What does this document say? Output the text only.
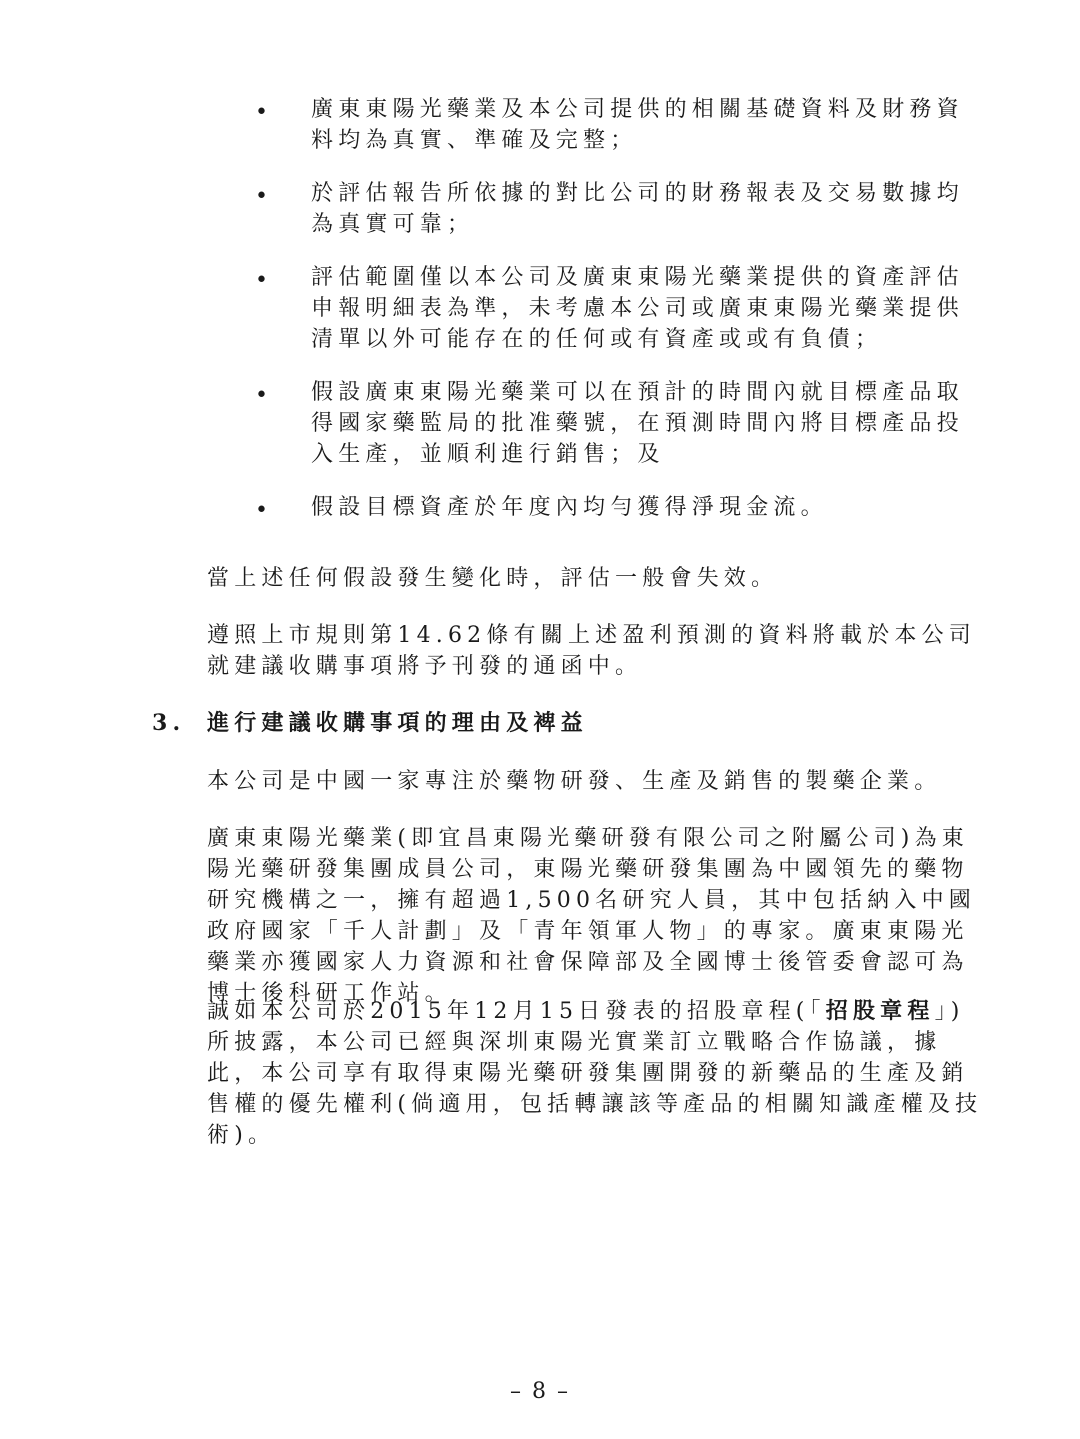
• 廣東東陽光藥業及本公司提供的相關基礎資料及財務資料均為真實、準確及完整；
• 於評估報告所依據的對比公司的財務報表及交易數據均為真實可靠；
• 評估範圍僅以本公司及廣東東陽光藥業提供的資產評估申報明細表為準，未考慮本公司或廣東東陽光藥業提供清單以外可能存在的任何或有資產或或有負債；
• 假設廣東東陽光藥業可以在預計的時間內就目標產品取得國家藥監局的批准藥號，在預測時間內將目標產品投入生產，並順利進行銷售；及
• 假設目標資產於年度內均勻獲得淨現金流。
當上述任何假設發生變化時，評估一般會失效。
遵照上市規則第14.62條有關上述盈利預測的資料將載於本公司就建議收購事項將予刊發的通函中。
3. 進行建議收購事項的理由及裨益
本公司是中國一家專注於藥物研發、生產及銷售的製藥企業。
廣東東陽光藥業(即宜昌東陽光藥研發有限公司之附屬公司)為東陽光藥研發集團成員公司，東陽光藥研發集團為中國領先的藥物研究機構之一，擁有超過1,500名研究人員，其中包括納入中國政府國家「千人計劃」及「青年領軍人物」的專家。廣東東陽光藥業亦獲國家人力資源和社會保障部及全國博士後管委會認可為博士後科研工作站。
誠如本公司於2015年12月15日發表的招股章程(「招股章程」)所披露，本公司已經與深圳東陽光實業訂立戰略合作協議，據此，本公司享有取得東陽光藥研發集團開發的新藥品的生產及銷售權的優先權利(倘適用，包括轉讓該等產品的相關知識產權及技術)。
– 8 –
